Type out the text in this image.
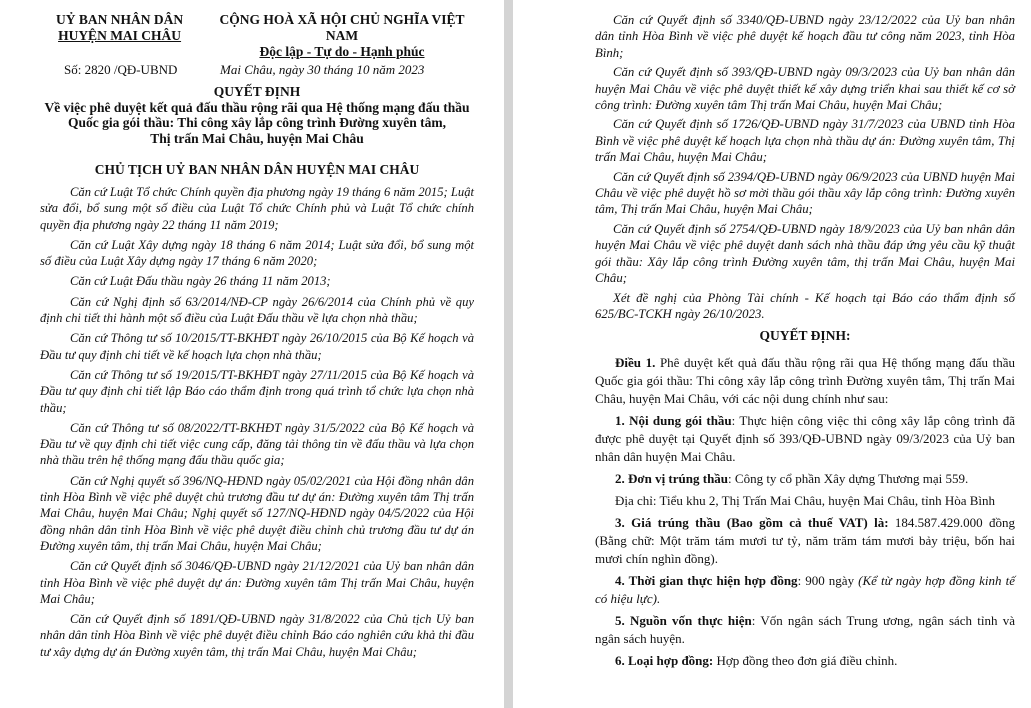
UỶ BAN NHÂN DÂN
HUYỆN MAI CHÂU
CỘNG HOÀ XÃ HỘI CHỦ NGHĨA VIỆT NAM
Độc lập - Tự do - Hạnh phúc
Số: 2820 /QĐ-UBND	Mai Châu, ngày 30 tháng 10 năm 2023
QUYẾT ĐỊNH
Về việc phê duyệt kết quả đấu thầu rộng rãi qua Hệ thống mạng đấu thầu
Quốc gia gói thầu: Thi công xây lắp công trình Đường xuyên tâm,
Thị trấn Mai Châu, huyện Mai Châu
CHỦ TỊCH UỶ BAN NHÂN DÂN HUYỆN MAI CHÂU

Căn cứ Luật Tổ chức Chính quyền địa phương ngày 19 tháng 6 năm 2015; Luật sửa đổi, bổ sung một số điều của Luật Tổ chức Chính phủ và Luật Tổ chức chính quyền địa phương ngày 22 tháng 11 năm 2019;

Căn cứ Luật Xây dựng ngày 18 tháng 6 năm 2014; Luật sửa đổi, bổ sung một số điều của Luật Xây dựng ngày 17 tháng 6 năm 2020;

Căn cứ Luật Đấu thầu ngày 26 tháng 11 năm 2013;

Căn cứ Nghị định số 63/2014/NĐ-CP ngày 26/6/2014 của Chính phủ về quy định chi tiết thi hành một số điều của Luật Đấu thầu về lựa chọn nhà thầu;

Căn cứ Thông tư số 10/2015/TT-BKHĐT ngày 26/10/2015 của Bộ Kế hoạch và Đầu tư quy định chi tiết về kế hoạch lựa chọn nhà thầu;

Căn cứ Thông tư số 19/2015/TT-BKHĐT ngày 27/11/2015 của Bộ Kế hoạch và Đầu tư quy định chi tiết lập Báo cáo thẩm định trong quá trình tổ chức lựa chọn nhà thầu;

Căn cứ Thông tư số 08/2022/TT-BKHĐT ngày 31/5/2022 của Bộ Kế hoạch và Đầu tư về quy định chi tiết việc cung cấp, đăng tải thông tin về đấu thầu và lựa chọn nhà thầu trên hệ thống mạng đấu thầu quốc gia;

Căn cứ Nghị quyết số 396/NQ-HĐND ngày 05/02/2021 của Hội đồng nhân dân tỉnh Hòa Bình về việc phê duyệt chủ trương đầu tư dự án: Đường xuyên tâm Thị trấn Mai Châu, huyện Mai Châu; Nghị quyết số 127/NQ-HĐND ngày 04/5/2022 của Hội đồng nhân dân tỉnh Hòa Bình về việc phê duyệt điều chỉnh chủ trương đầu tư dự án Đường xuyên tâm, thị trấn Mai Châu, huyện Mai Châu;

Căn cứ Quyết định số 3046/QĐ-UBND ngày 21/12/2021 của Uỷ ban nhân dân tỉnh Hòa Bình về việc phê duyệt dự án: Đường xuyên tâm Thị trấn Mai Châu, huyện Mai Châu;

Căn cứ Quyết định số 1891/QĐ-UBND ngày 31/8/2022 của Chủ tịch Uỷ ban nhân dân tỉnh Hòa Bình về việc phê duyệt điều chỉnh Báo cáo nghiên cứu khả thi đầu tư xây dựng dự án Đường xuyên tâm, thị trấn Mai Châu, huyện Mai Châu;

Căn cứ Quyết định số 3340/QĐ-UBND ngày 23/12/2022 của Uỷ ban nhân dân tỉnh Hòa Bình về việc phê duyệt kế hoạch đầu tư công năm 2023, tỉnh Hòa Bình;

Căn cứ Quyết định số 393/QĐ-UBND ngày 09/3/2023 của Uỷ ban nhân dân huyện Mai Châu về việc phê duyệt thiết kế xây dựng triển khai sau thiết kế cơ sở công trình: Đường xuyên tâm Thị trấn Mai Châu, huyện Mai Châu;

Căn cứ Quyết định số 1726/QĐ-UBND ngày 31/7/2023 của UBND tỉnh Hòa Bình về việc phê duyệt kế hoạch lựa chọn nhà thầu dự án: Đường xuyên tâm, Thị trấn Mai Châu, huyện Mai Châu;

Căn cứ Quyết định số 2394/QĐ-UBND ngày 06/9/2023 của UBND huyện Mai Châu về việc phê duyệt hồ sơ mời thầu gói thầu xây lắp công trình: Đường xuyên tâm, Thị trấn Mai Châu, huyện Mai Châu;

Căn cứ Quyết định số 2754/QĐ-UBND ngày 18/9/2023 của Uỷ ban nhân dân huyện Mai Châu về việc phê duyệt danh sách nhà thầu đáp ứng yêu cầu kỹ thuật gói thầu: Xây lắp công trình Đường xuyên tâm, thị trấn Mai Châu, huyện Mai Châu;

Xét đề nghị của Phòng Tài chính - Kế hoạch tại Báo cáo thẩm định số 625/BC-TCKH ngày 26/10/2023.

QUYẾT ĐỊNH:

Điều 1. Phê duyệt kết quả đấu thầu rộng rãi qua Hệ thống mạng đấu thầu Quốc gia gói thầu: Thi công xây lắp công trình Đường xuyên tâm, Thị trấn Mai Châu, huyện Mai Châu, với các nội dung chính như sau:

1. Nội dung gói thầu: Thực hiện công việc thi công xây lắp công trình đã được phê duyệt tại Quyết định số 393/QĐ-UBND ngày 09/3/2023 của Uỷ ban nhân dân huyện Mai Châu.

2. Đơn vị trúng thầu: Công ty cổ phần Xây dựng Thương mại 559.

Địa chỉ: Tiểu khu 2, Thị Trấn Mai Châu, huyện Mai Châu, tỉnh Hòa Bình

3. Giá trúng thầu (Bao gồm cả thuế VAT) là: 184.587.429.000 đồng (Bằng chữ: Một trăm tám mươi tư tỷ, năm trăm tám mươi bảy triệu, bốn hai mươi chín nghìn đồng).

4. Thời gian thực hiện hợp đồng: 900 ngày (Kể từ ngày hợp đồng kinh tế có hiệu lực).

5. Nguồn vốn thực hiện: Vốn ngân sách Trung ương, ngân sách tỉnh và ngân sách huyện.

6. Loại hợp đồng: Hợp đồng theo đơn giá điều chỉnh.
